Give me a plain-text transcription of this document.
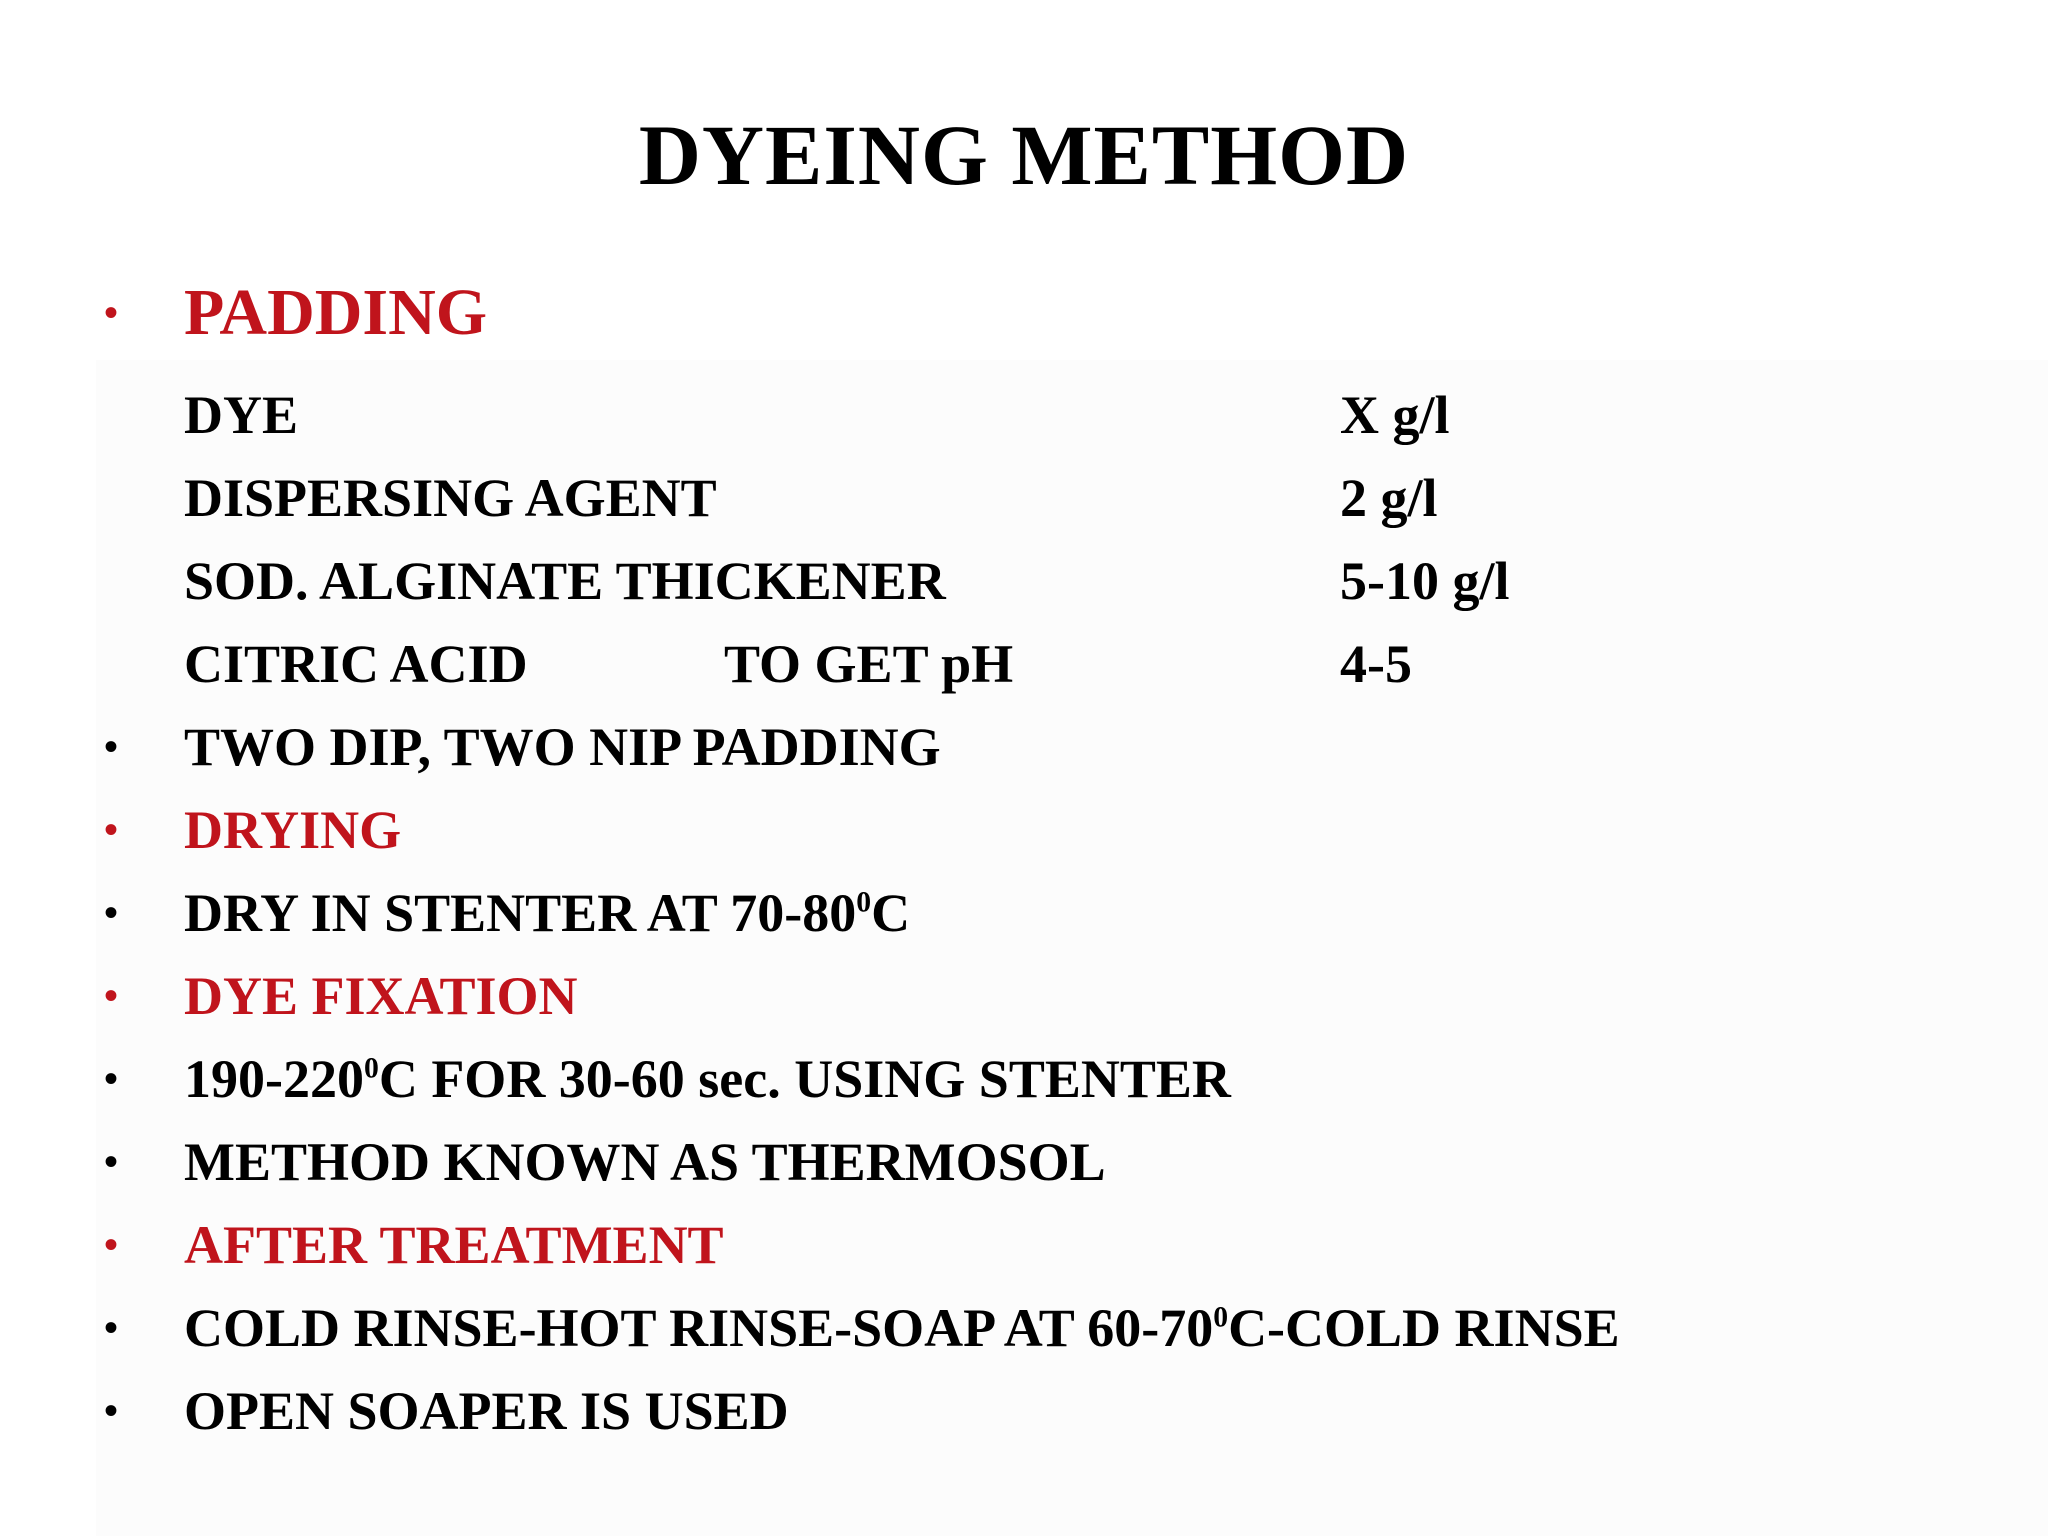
DYEING METHOD
• PADDING
DYE	X g/l
DISPERSING AGENT	2 g/l
SOD. ALGINATE THICKENER	5-10 g/l
CITRIC ACID	TO GET pH	4-5
• TWO DIP, TWO NIP PADDING
• DRYING
• DRY IN STENTER AT $70-80^0C$
• DYE FIXATION
• $190-220^0C$ FOR 30-60 sec. USING STENTER
• METHOD KNOWN AS THERMOSOL
• AFTER TREATMENT
• COLD RINSE-HOT RINSE-SOAP AT $60-70^0C$-COLD RINSE
• OPEN SOAPER IS USED
